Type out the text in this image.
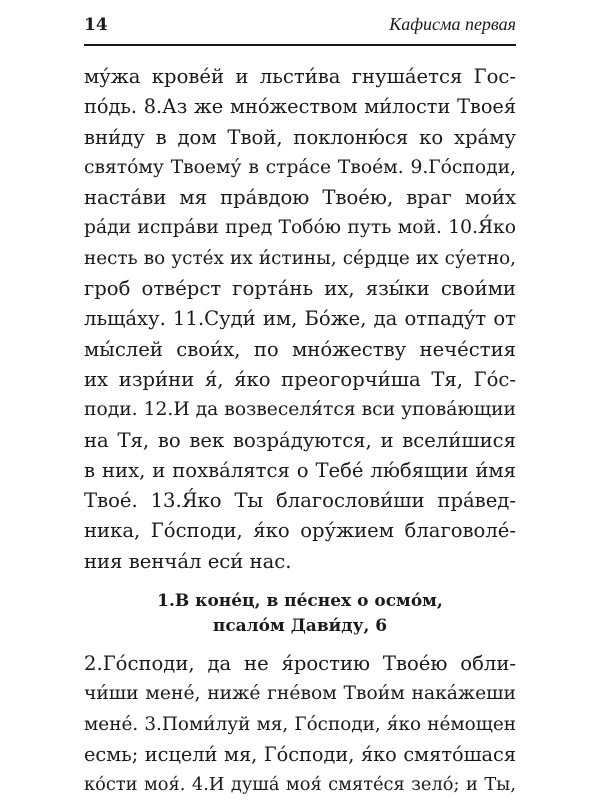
14	Кафисма первая
му́жа крове́й и льсти́ва гнуша́ется Гос-
по́дь. 8.Аз же мно́жеством ми́лости Твоея́
вни́ду в дом Твой, поклоню́ся ко хра́му
свято́му Твоему́ в стра́се Твое́м. 9.Го́споди,
наста́ви мя пра́вдою Твое́ю, враг мои́х
ра́ди испра́ви пред Тобо́ю путь мой. 10.Я́ко
несть во усте́х их и́стины, се́рдце их су́етно,
гроб отве́рст горта́нь их, язы́ки свои́ми
льща́ху. 11.Суди́ им, Бо́же, да отпаду́т от
мы́слей свои́х, по мно́жеству нече́стия
их изри́ни я́, я́ко преогорчи́ша Тя, Го́с-
поди. 12.И да возвеселя́тся вси упова́ющии
на Тя, во век возра́дуются, и всели́шися
в них, и похва́лятся о Тебе́ лю́бящии и́мя
Твое́. 13.Я́ко Ты благослови́ши пра́вед-
ника, Го́споди, я́ко ору́жием благоволе́-
ния венча́л еси́ нас.
1.В коне́ц, в пе́снех о осмо́м,
псало́м Дави́ду, 6
2.Го́споди, да не я́ростию Твое́ю обли-
чи́ши мене́, ниже́ гне́вом Твои́м нака́жеши
мене́. 3.Поми́луй мя, Го́споди, я́ко не́мощен
есмь; исцели́ мя, Го́споди, я́ко смято́шася
ко́сти моя́. 4.И душа́ моя́ смяте́ся зело́; и Ты,
